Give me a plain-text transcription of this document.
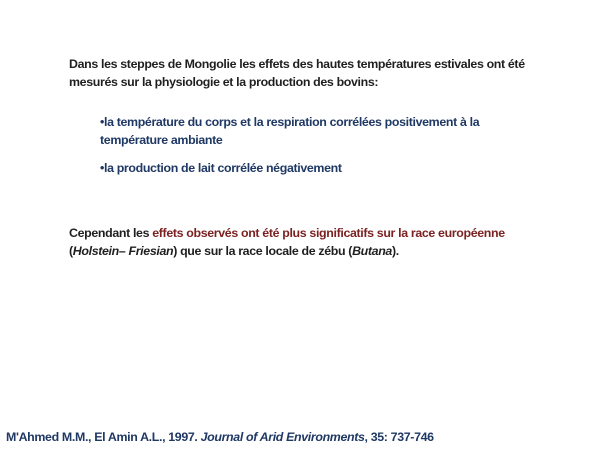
Dans les steppes de Mongolie les effets des hautes températures estivales ont été mesurés sur la physiologie et la production des bovins:
•la température du corps et la respiration corrélées positivement à la température ambiante
•la production de lait corrélée négativement
Cependant les effets observés ont été plus significatifs sur la race européenne (Holstein– Friesian) que sur la race locale de zébu (Butana).
M'Ahmed M.M., El Amin A.L., 1997. Journal of Arid Environments, 35: 737-746
